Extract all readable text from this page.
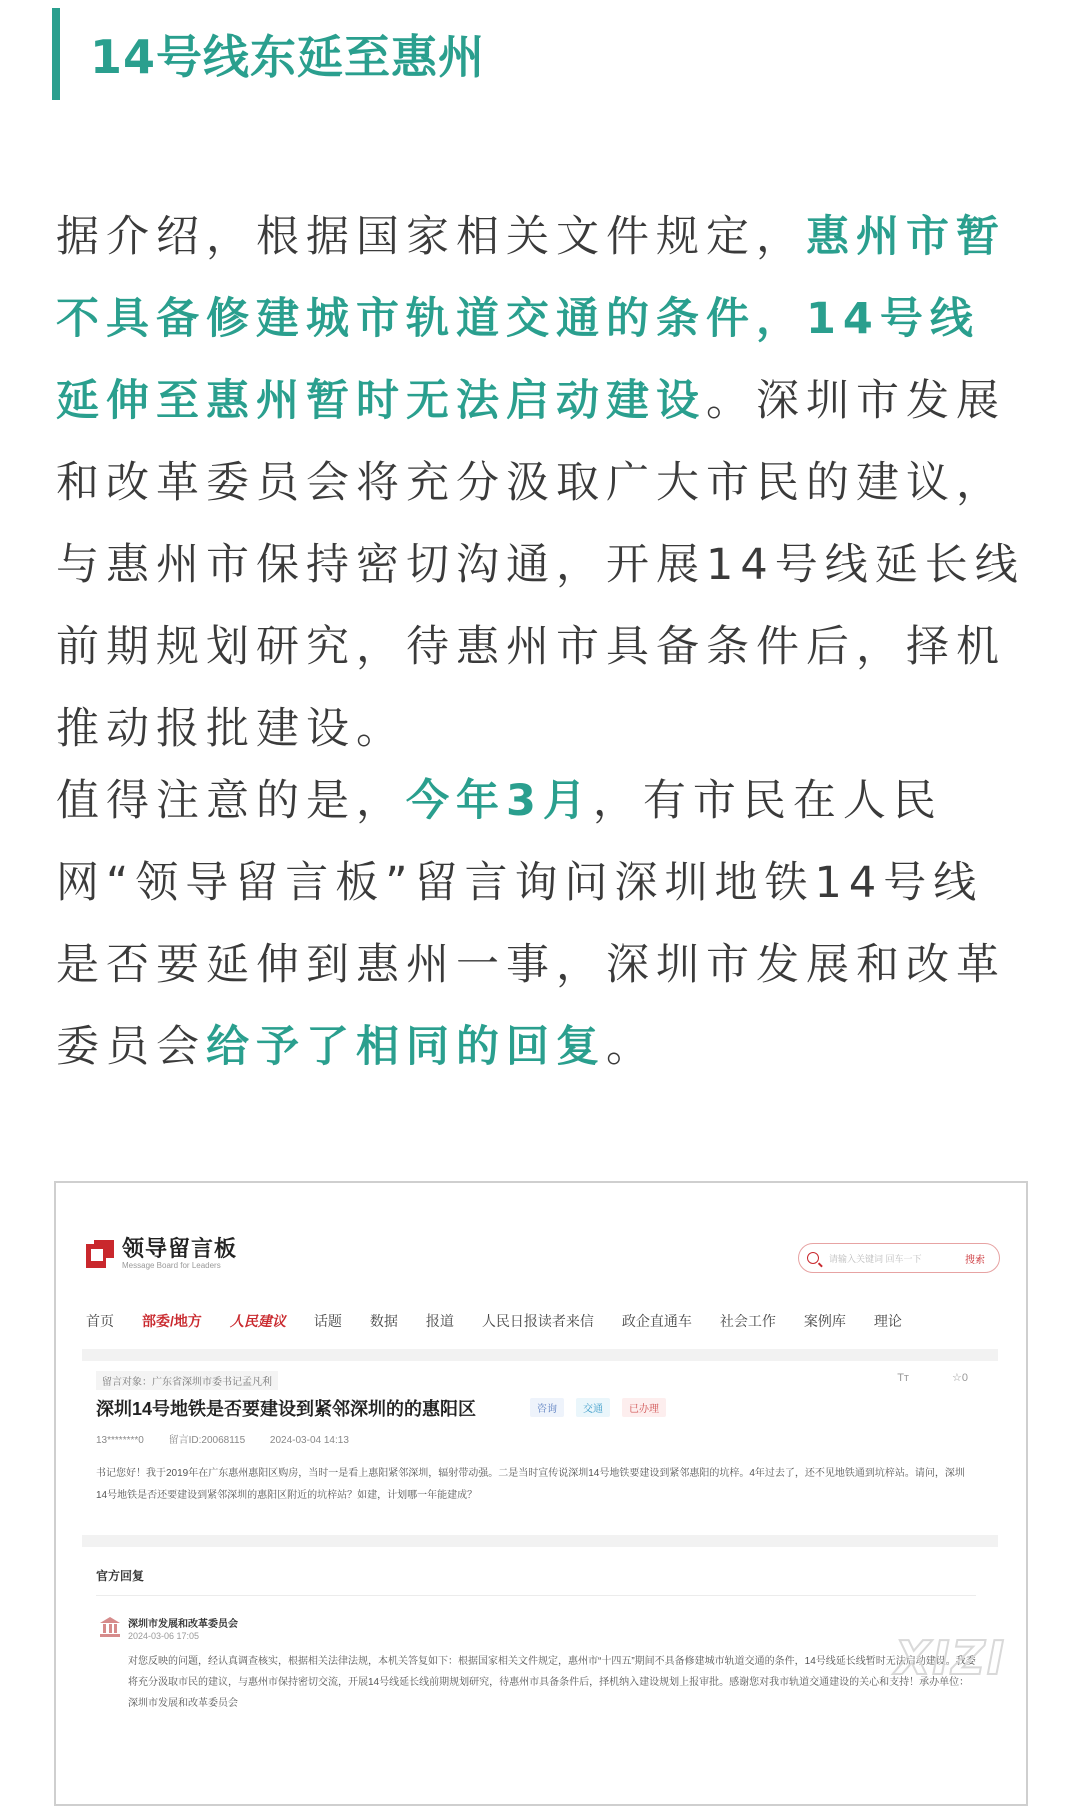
14号线东延至惠州

据介绍，根据国家相关文件规定，惠州市暂不具备修建城市轨道交通的条件，14号线延伸至惠州暂时无法启动建设。深圳市发展和改革委员会将充分汲取广大市民的建议，与惠州市保持密切沟通，开展14号线延长线前期规划研究，待惠州市具备条件后，择机推动报批建设。

值得注意的是，今年3月，有市民在人民网“领导留言板”留言询问深圳地铁14号线是否要延伸到惠州一事，深圳市发展和改革委员会给予了相同的回复。

领导留言板
Message Board for Leaders
请输入关键词 回车一下	搜索
首页 部委/地方 人民建议 话题 数据 报道 人民日报读者来信 政企直通车 社会工作 案例库 理论
留言对象：广东省深圳市委书记孟凡利	Tт	☆0
深圳14号地铁是否要建设到紧邻深圳的的惠阳区	咨询	交通	已办理
13********0 留言ID:20068115 2024-03-04 14:13
书记您好！我于2019年在广东惠州惠阳区购房，当时一是看上惠阳紧邻深圳，辐射带动强。二是当时宣传说深圳14号地铁要建设到紧邻惠阳的坑梓。4年过去了，还不见地铁通到坑梓站。请问，深圳14号地铁是否还要建设到紧邻深圳的惠阳区附近的坑梓站？如建，计划哪一年能建成？
官方回复
深圳市发展和改革委员会
2024-03-06 17:05
对您反映的问题，经认真调查核实，根据相关法律法规，本机关答复如下：根据国家相关文件规定，惠州市“十四五”期间不具备修建城市轨道交通的条件，14号线延长线暂时无法启动建设。我委将充分汲取市民的建议，与惠州市保持密切交流，开展14号线延长线前期规划研究，待惠州市具备条件后，择机纳入建设规划上报审批。感谢您对我市轨道交通建设的关心和支持！承办单位：深圳市发展和改革委员会
XIZI
